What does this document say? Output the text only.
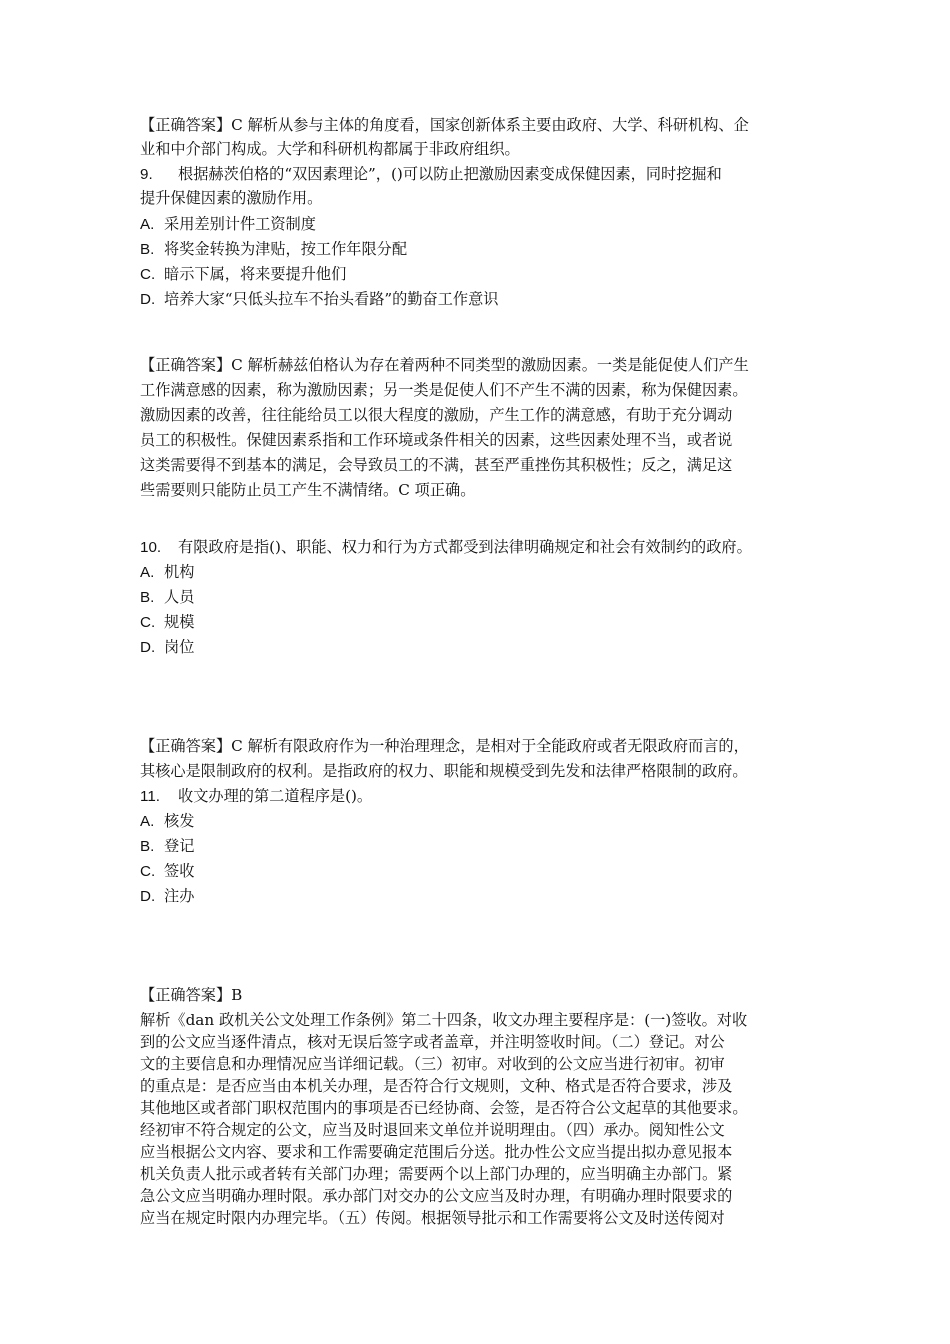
【正确答案】C 解析从参与主体的角度看，国家创新体系主要由政府、大学、科研机构、企
业和中介部门构成。大学和科研机构都属于非政府组织。
9. 根据赫茨伯格的“双因素理论”，()可以防止把激励因素变成保健因素，同时挖掘和
提升保健因素的激励作用。
A. 采用差别计件工资制度
B. 将奖金转换为津贴，按工作年限分配
C. 暗示下属，将来要提升他们
D. 培养大家“只低头拉车不抬头看路”的勤奋工作意识
【正确答案】C 解析赫兹伯格认为存在着两种不同类型的激励因素。一类是能促使人们产生
工作满意感的因素，称为激励因素；另一类是促使人们不产生不满的因素，称为保健因素。
激励因素的改善，往往能给员工以很大程度的激励，产生工作的满意感，有助于充分调动
员工的积极性。保健因素系指和工作环境或条件相关的因素，这些因素处理不当，或者说
这类需要得不到基本的满足，会导致员工的不满，甚至严重挫伤其积极性；反之，满足这
些需要则只能防止员工产生不满情绪。C 项正确。
10. 有限政府是指()、职能、权力和行为方式都受到法律明确规定和社会有效制约的政府。
A. 机构
B. 人员
C. 规模
D. 岗位
【正确答案】C 解析有限政府作为一种治理理念，是相对于全能政府或者无限政府而言的，
其核心是限制政府的权利。是指政府的权力、职能和规模受到先发和法律严格限制的政府。
11. 收文办理的第二道程序是()。
A. 核发
B. 登记
C. 签收
D. 注办
【正确答案】B
解析《dan 政机关公文处理工作条例》第二十四条，收文办理主要程序是：(一)签收。对收
到的公文应当逐件清点，核对无误后签字或者盖章，并注明签收时间。（二）登记。对公
文的主要信息和办理情况应当详细记载。（三）初审。对收到的公文应当进行初审。初审
的重点是：是否应当由本机关办理，是否符合行文规则，文种、格式是否符合要求，涉及
其他地区或者部门职权范围内的事项是否已经协商、会签，是否符合公文起草的其他要求。
经初审不符合规定的公文，应当及时退回来文单位并说明理由。（四）承办。阅知性公文
应当根据公文内容、要求和工作需要确定范围后分送。批办性公文应当提出拟办意见报本
机关负责人批示或者转有关部门办理；需要两个以上部门办理的，应当明确主办部门。紧
急公文应当明确办理时限。承办部门对交办的公文应当及时办理，有明确办理时限要求的
应当在规定时限内办理完毕。（五）传阅。根据领导批示和工作需要将公文及时送传阅对
